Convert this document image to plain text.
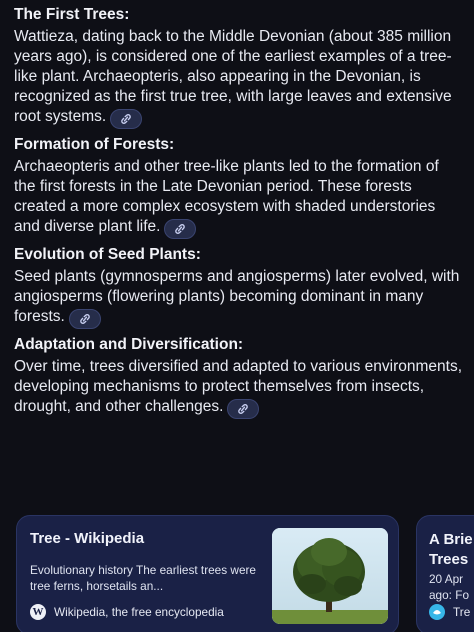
The First Trees:

Wattieza, dating back to the Middle Devonian (about 385 million years ago), is considered one of the earliest examples of a tree-like plant. Archaeopteris, also appearing in the Devonian, is recognized as the first true tree, with large leaves and extensive root systems.

Formation of Forests:

Archaeopteris and other tree-like plants led to the formation of the first forests in the Late Devonian period. These forests created a more complex ecosystem with shaded understories and diverse plant life.

Evolution of Seed Plants:

Seed plants (gymnosperms and angiosperms) later evolved, with angiosperms (flowering plants) becoming dominant in many forests.

Adaptation and Diversification:

Over time, trees diversified and adapted to various environments, developing mechanisms to protect themselves from insects, drought, and other challenges.

Tree - Wikipedia
Evolutionary history The earliest trees were tree ferns, horsetails an...
W Wikipedia, the free encyclopedia
A Brie
Trees
20 Apr
ago: Fo
Tre
